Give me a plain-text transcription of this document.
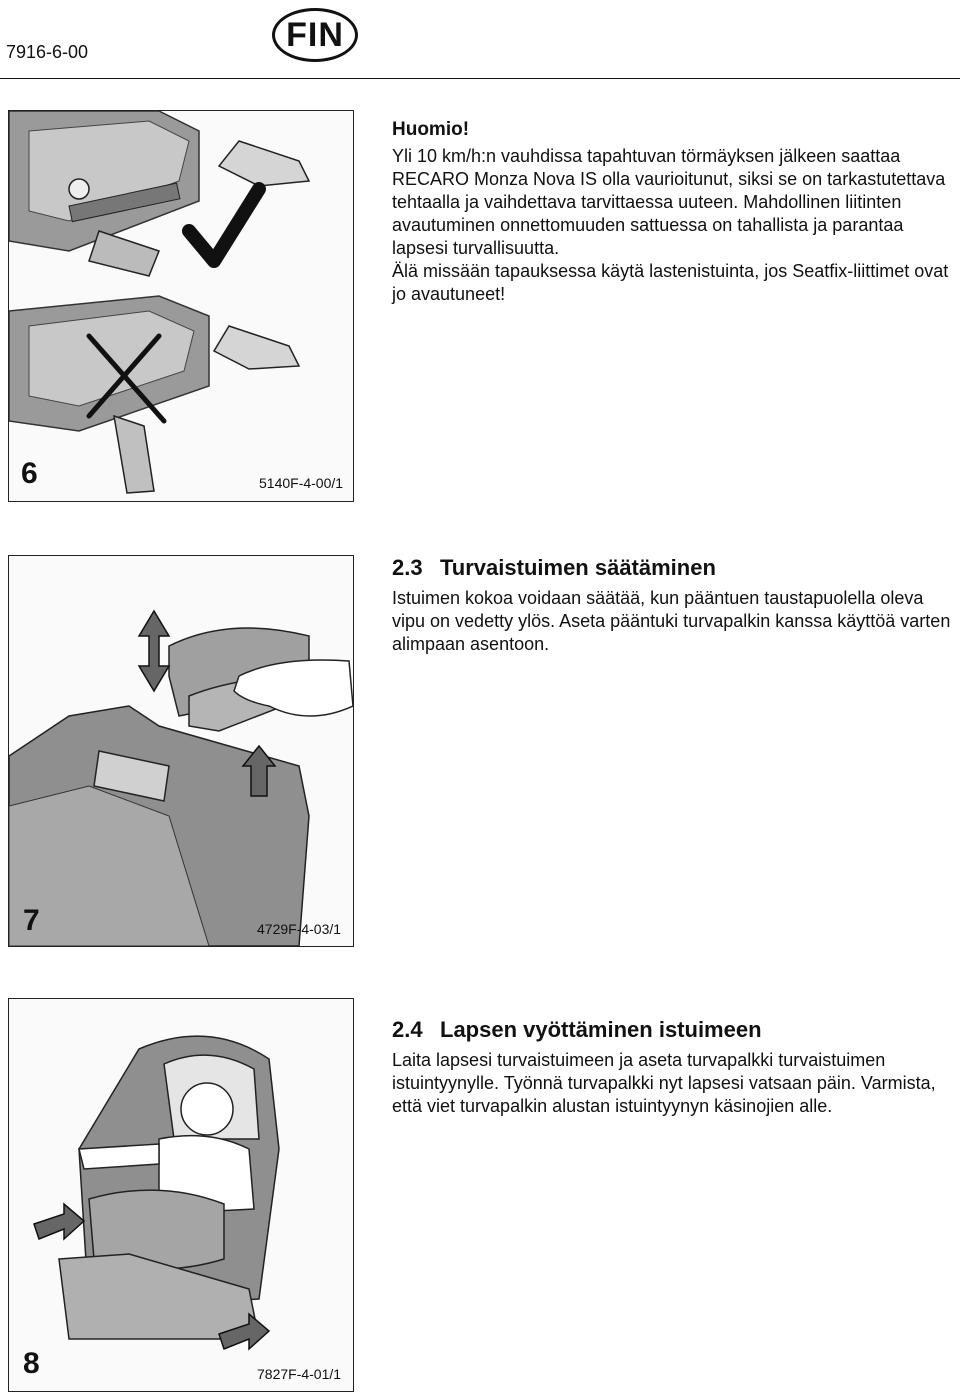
7916-6-00	FIN
6	5140F-4-00/1

Huomio!

Yli 10 km/h:n vauhdissa tapahtuvan törmäyksen jälkeen saattaa RECARO Monza Nova IS olla vaurioitunut, siksi se on tarkastutettava tehtaalla ja vaihdettava tarvittaessa uuteen. Mahdollinen liitinten avautuminen onnettomuuden sattuessa on tahallista ja parantaa lapsesi turvallisuutta.

Älä missään tapauksessa käytä lastenistuinta, jos Seatfix-liittimet ovat jo avautuneet!

7	4729F-4-03/1

2.3 Turvaistuimen säätäminen

Istuimen kokoa voidaan säätää, kun pääntuen taustapuolella oleva vipu on vedetty ylös. Aseta pääntuki turvapalkin kanssa käyttöä varten alimpaan asentoon.

8	7827F-4-01/1

2.4 Lapsen vyöttäminen istuimeen

Laita lapsesi turvaistuimeen ja aseta turvapalkki turvaistuimen istuintyynylle. Työnnä turvapalkki nyt lapsesi vatsaan päin. Varmista, että viet turvapalkin alustan istuintyynyn käsinojien alle.
